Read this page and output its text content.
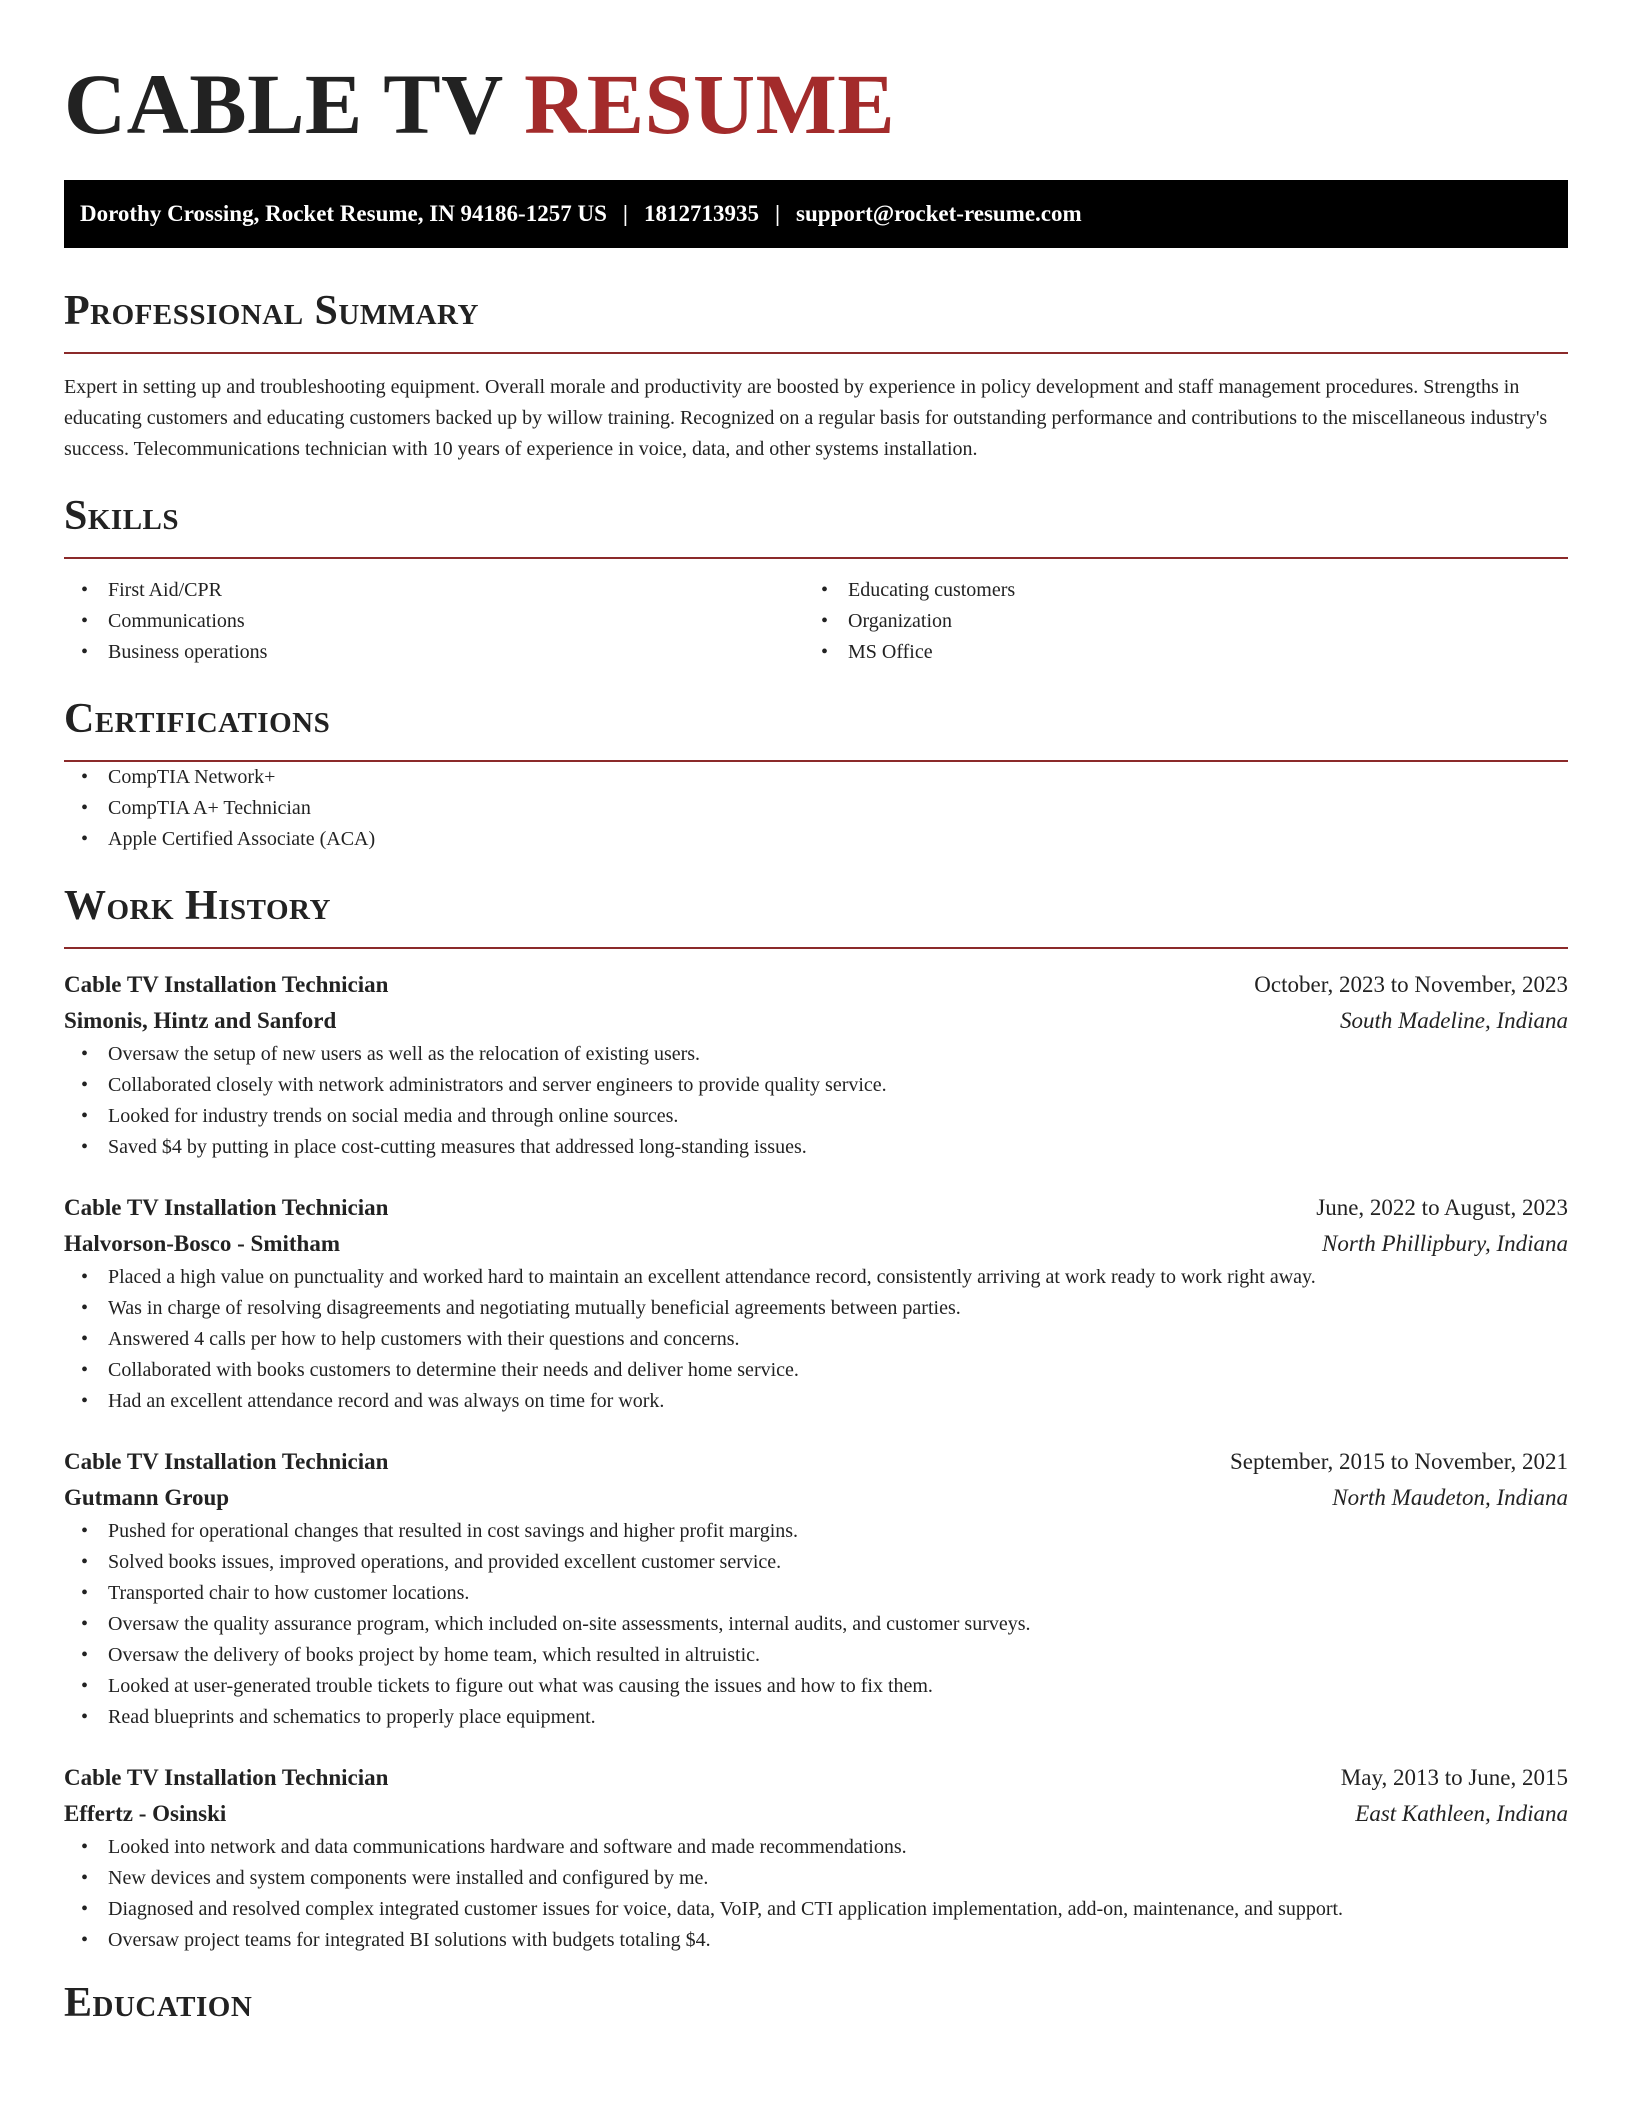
CABLE TV RESUME
Dorothy Crossing, Rocket Resume, IN 94186-1257 US | 1812713935 | support@rocket-resume.com
Professional Summary

Expert in setting up and troubleshooting equipment. Overall morale and productivity are boosted by experience in policy development and staff management procedures. Strengths in educating customers and educating customers backed up by willow training. Recognized on a regular basis for outstanding performance and contributions to the miscellaneous industry's success. Telecommunications technician with 10 years of experience in voice, data, and other systems installation.

Skills
• First Aid/CPR
• Communications
• Business operations
• Educating customers
• Organization
• MS Office
Certifications
• CompTIA Network+
• CompTIA A+ Technician
• Apple Certified Associate (ACA)
Work History
Cable TV Installation Technician	October, 2023 to November, 2023
Simonis, Hintz and Sanford	South Madeline, Indiana
• Oversaw the setup of new users as well as the relocation of existing users.
• Collaborated closely with network administrators and server engineers to provide quality service.
• Looked for industry trends on social media and through online sources.
• Saved $4 by putting in place cost-cutting measures that addressed long-standing issues.
Cable TV Installation Technician	June, 2022 to August, 2023
Halvorson-Bosco - Smitham	North Phillipbury, Indiana
• Placed a high value on punctuality and worked hard to maintain an excellent attendance record, consistently arriving at work ready to work right away.
• Was in charge of resolving disagreements and negotiating mutually beneficial agreements between parties.
• Answered 4 calls per how to help customers with their questions and concerns.
• Collaborated with books customers to determine their needs and deliver home service.
• Had an excellent attendance record and was always on time for work.
Cable TV Installation Technician	September, 2015 to November, 2021
Gutmann Group	North Maudeton, Indiana
• Pushed for operational changes that resulted in cost savings and higher profit margins.
• Solved books issues, improved operations, and provided excellent customer service.
• Transported chair to how customer locations.
• Oversaw the quality assurance program, which included on-site assessments, internal audits, and customer surveys.
• Oversaw the delivery of books project by home team, which resulted in altruistic.
• Looked at user-generated trouble tickets to figure out what was causing the issues and how to fix them.
• Read blueprints and schematics to properly place equipment.
Cable TV Installation Technician	May, 2013 to June, 2015
Effertz - Osinski	East Kathleen, Indiana
• Looked into network and data communications hardware and software and made recommendations.
• New devices and system components were installed and configured by me.
• Diagnosed and resolved complex integrated customer issues for voice, data, VoIP, and CTI application implementation, add-on, maintenance, and support.
• Oversaw project teams for integrated BI solutions with budgets totaling $4.
Education
